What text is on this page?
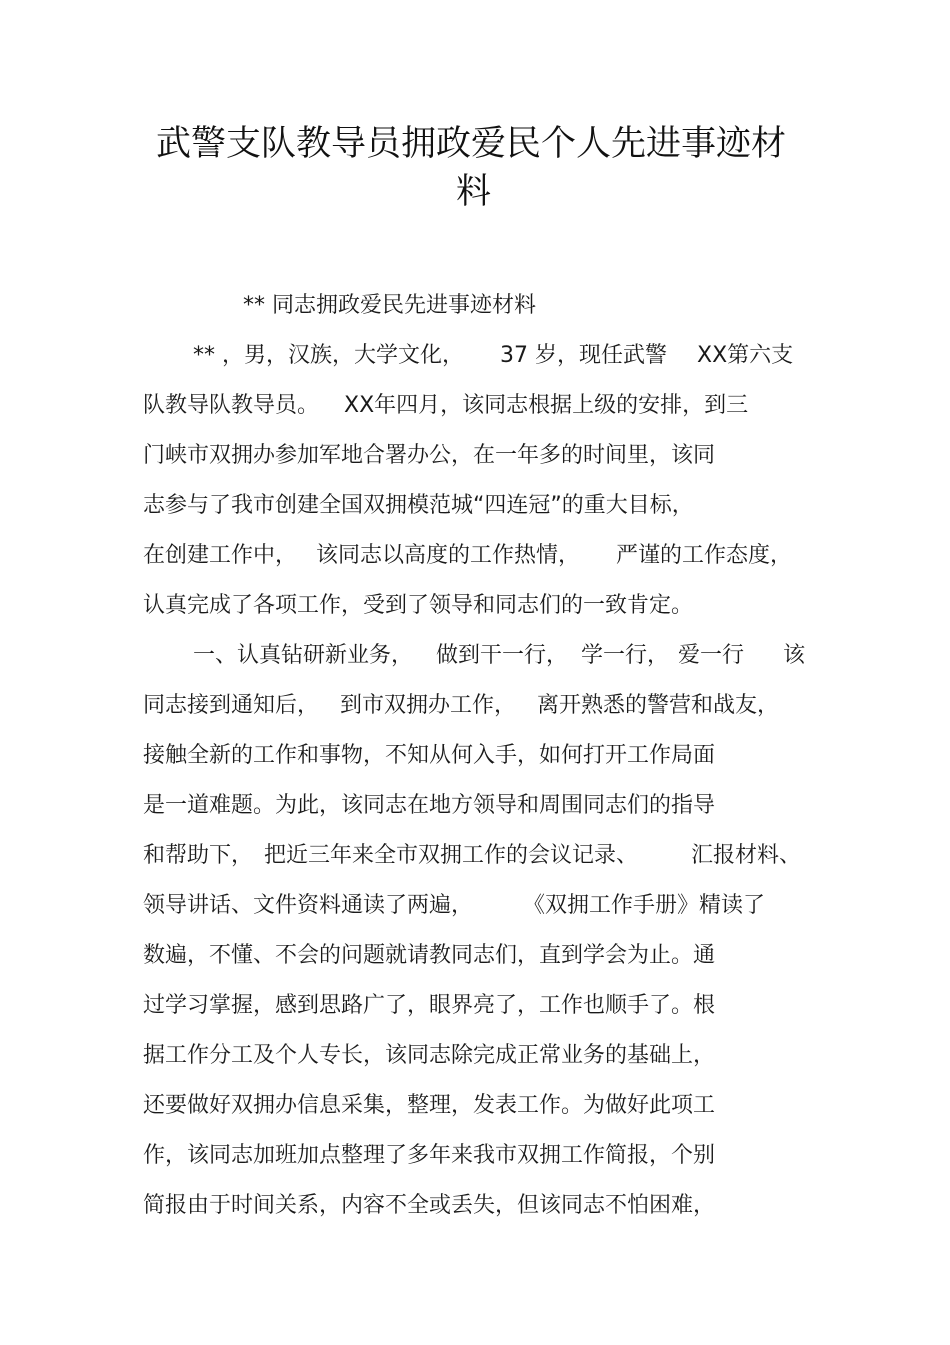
武警支队教导员拥政爱民个人先进事迹材
料

** 同志拥政爱民先进事迹材料

** ，男，汉族，大学文化， 37 岁，现任武警 XX第六支

队教导队教导员。 XX年四月，该同志根据上级的安排，到三

门峡市双拥办参加军地合署办公，在一年多的时间里，该同

志参与了我市创建全国双拥模范城“四连冠”的重大目标，

在创建工作中， 该同志以高度的工作热情， 严谨的工作态度，

认真完成了各项工作，受到了领导和同志们的一致肯定。

一、认真钻研新业务， 做到干一行， 学一行， 爱一行 该

同志接到通知后， 到市双拥办工作， 离开熟悉的警营和战友，

接触全新的工作和事物，不知从何入手，如何打开工作局面

是一道难题。为此，该同志在地方领导和周围同志们的指导

和帮助下， 把近三年来全市双拥工作的会议记录、 汇报材料、

领导讲话、文件资料通读了两遍， 《双拥工作手册》精读了

数遍，不懂、不会的问题就请教同志们，直到学会为止。通

过学习掌握，感到思路广了，眼界亮了，工作也顺手了。根

据工作分工及个人专长，该同志除完成正常业务的基础上，

还要做好双拥办信息采集，整理，发表工作。为做好此项工

作，该同志加班加点整理了多年来我市双拥工作简报，个别

简报由于时间关系，内容不全或丢失，但该同志不怕困难，
